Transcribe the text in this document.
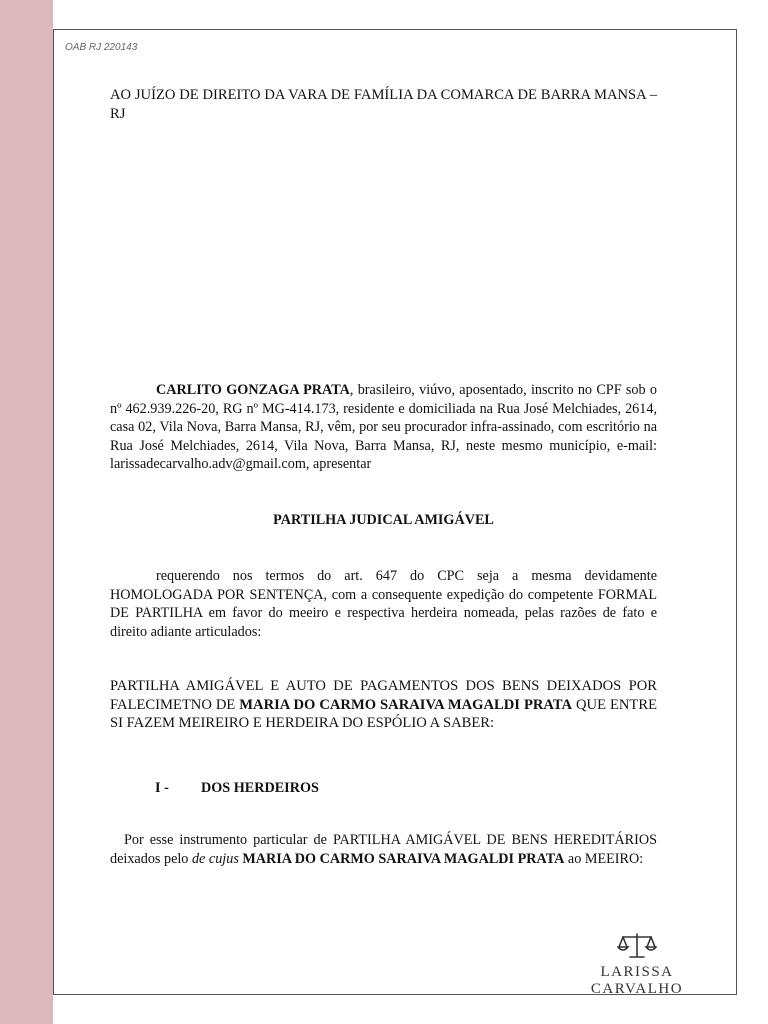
OAB RJ 220143
AO JUÍZO DE DIREITO DA VARA DE FAMÍLIA DA COMARCA DE BARRA MANSA – RJ
CARLITO GONZAGA PRATA, brasileiro, viúvo, aposentado, inscrito no CPF sob o nº 462.939.226-20, RG nº MG-414.173, residente e domiciliada na Rua José Melchiades, 2614, casa 02, Vila Nova, Barra Mansa, RJ, vêm, por seu procurador infra-assinado, com escritório na Rua José Melchiades, 2614, Vila Nova, Barra Mansa, RJ, neste mesmo município, e-mail: larissadecarvalho.adv@gmail.com, apresentar
PARTILHA JUDICAL AMIGÁVEL
requerendo nos termos do art. 647 do CPC seja a mesma devidamente HOMOLOGADA POR SENTENÇA, com a consequente expedição do competente FORMAL DE PARTILHA em favor do meeiro e respectiva herdeira nomeada, pelas razões de fato e direito adiante articulados:
PARTILHA AMIGÁVEL E AUTO DE PAGAMENTOS DOS BENS DEIXADOS POR FALECIMETNO DE MARIA DO CARMO SARAIVA MAGALDI PRATA QUE ENTRE SI FAZEM MEIREIRO E HERDEIRA DO ESPÓLIO A SABER:
I - DOS HERDEIROS
Por esse instrumento particular de PARTILHA AMIGÁVEL DE BENS HEREDITÁRIOS deixados pelo de cujus MARIA DO CARMO SARAIVA MAGALDI PRATA ao MEEIRO:
LARISSA CARVALHO
